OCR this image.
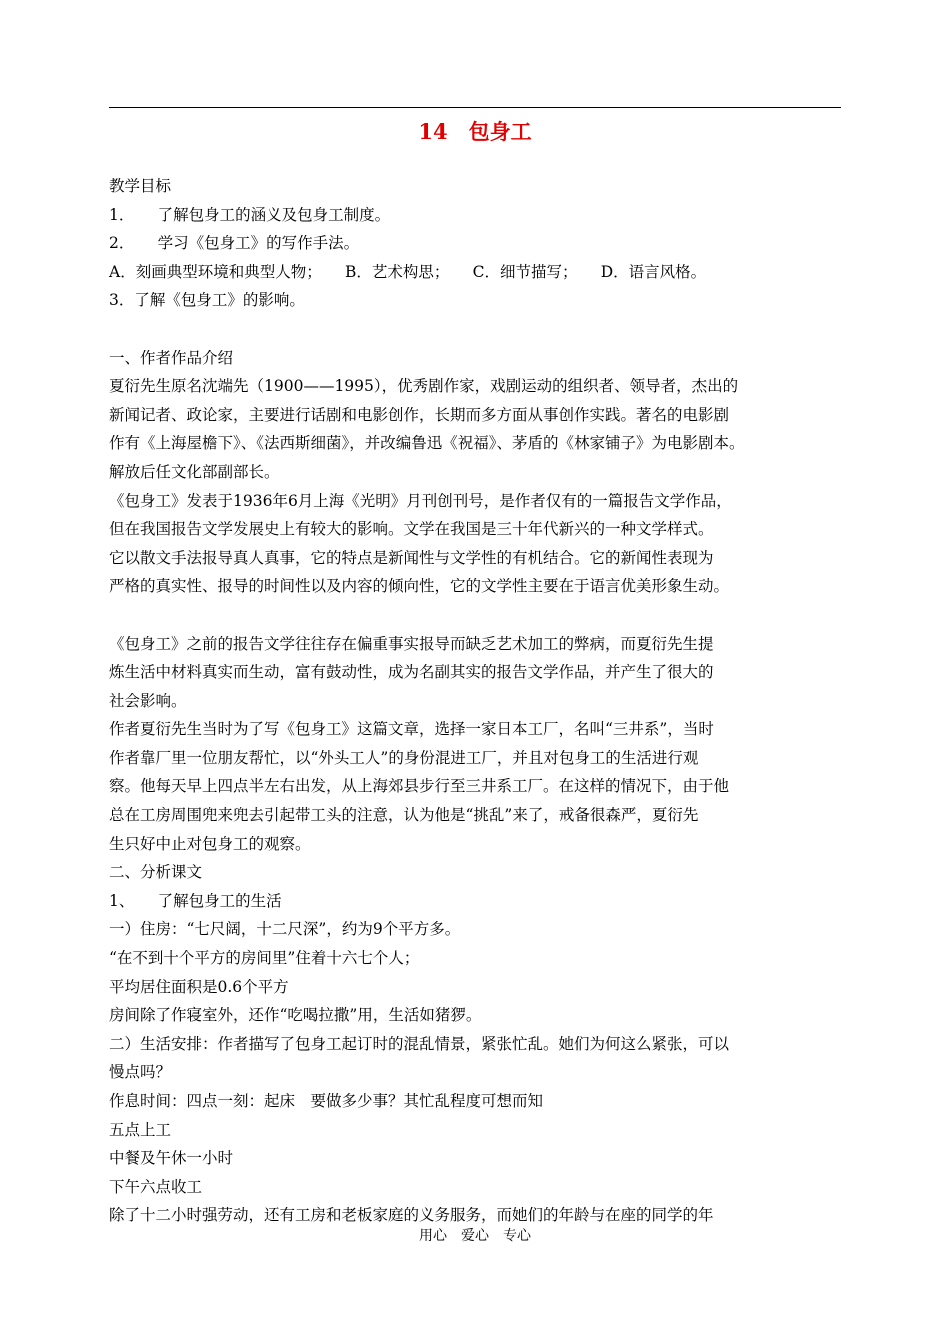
14　包身工
教学目标
1．　　了解包身工的涵义及包身工制度。
2．　　学习《包身工》的写作手法。
A．刻画典型环境和典型人物；　　B．艺术构思；　　C．细节描写；　　D．语言风格。
3．了解《包身工》的影响。
一、作者作品介绍
夏衍先生原名沈端先（1900——1995），优秀剧作家，戏剧运动的组织者、领导者，杰出的
新闻记者、政论家，主要进行话剧和电影创作，长期而多方面从事创作实践。著名的电影剧
作有《上海屋檐下》、《法西斯细菌》，并改编鲁迅《祝福》、茅盾的《林家铺子》为电影剧本。
解放后任文化部副部长。
《包身工》发表于1936年6月上海《光明》月刊创刊号，是作者仅有的一篇报告文学作品，
但在我国报告文学发展史上有较大的影响。文学在我国是三十年代新兴的一种文学样式。
它以散文手法报导真人真事，它的特点是新闻性与文学性的有机结合。它的新闻性表现为
严格的真实性、报导的时间性以及内容的倾向性，它的文学性主要在于语言优美形象生动。
《包身工》之前的报告文学往往存在偏重事实报导而缺乏艺术加工的弊病，而夏衍先生提
炼生活中材料真实而生动，富有鼓动性，成为名副其实的报告文学作品，并产生了很大的
社会影响。
作者夏衍先生当时为了写《包身工》这篇文章，选择一家日本工厂，名叫“三井系”，当时
作者靠厂里一位朋友帮忙，以“外头工人”的身份混进工厂，并且对包身工的生活进行观
察。他每天早上四点半左右出发，从上海郊县步行至三井系工厂。在这样的情况下，由于他
总在工房周围兜来兜去引起带工头的注意，认为他是“挑乱”来了，戒备很森严，夏衍先
生只好中止对包身工的观察。
二、分析课文
1、　　了解包身工的生活
一）住房：“七尺阔，十二尺深”，约为9个平方多。
“在不到十个平方的房间里”住着十六七个人；
平均居住面积是0.6个平方
房间除了作寝室外，还作“吃喝拉撒”用，生活如猪猡。
二）生活安排：作者描写了包身工起订时的混乱情景，紧张忙乱。她们为何这么紧张，可以
慢点吗？
作息时间：四点一刻：起床　要做多少事？其忙乱程度可想而知
五点上工
中餐及午休一小时
下午六点收工
除了十二小时强劳动，还有工房和老板家庭的义务服务，而她们的年龄与在座的同学的年
用心　爱心　专心
